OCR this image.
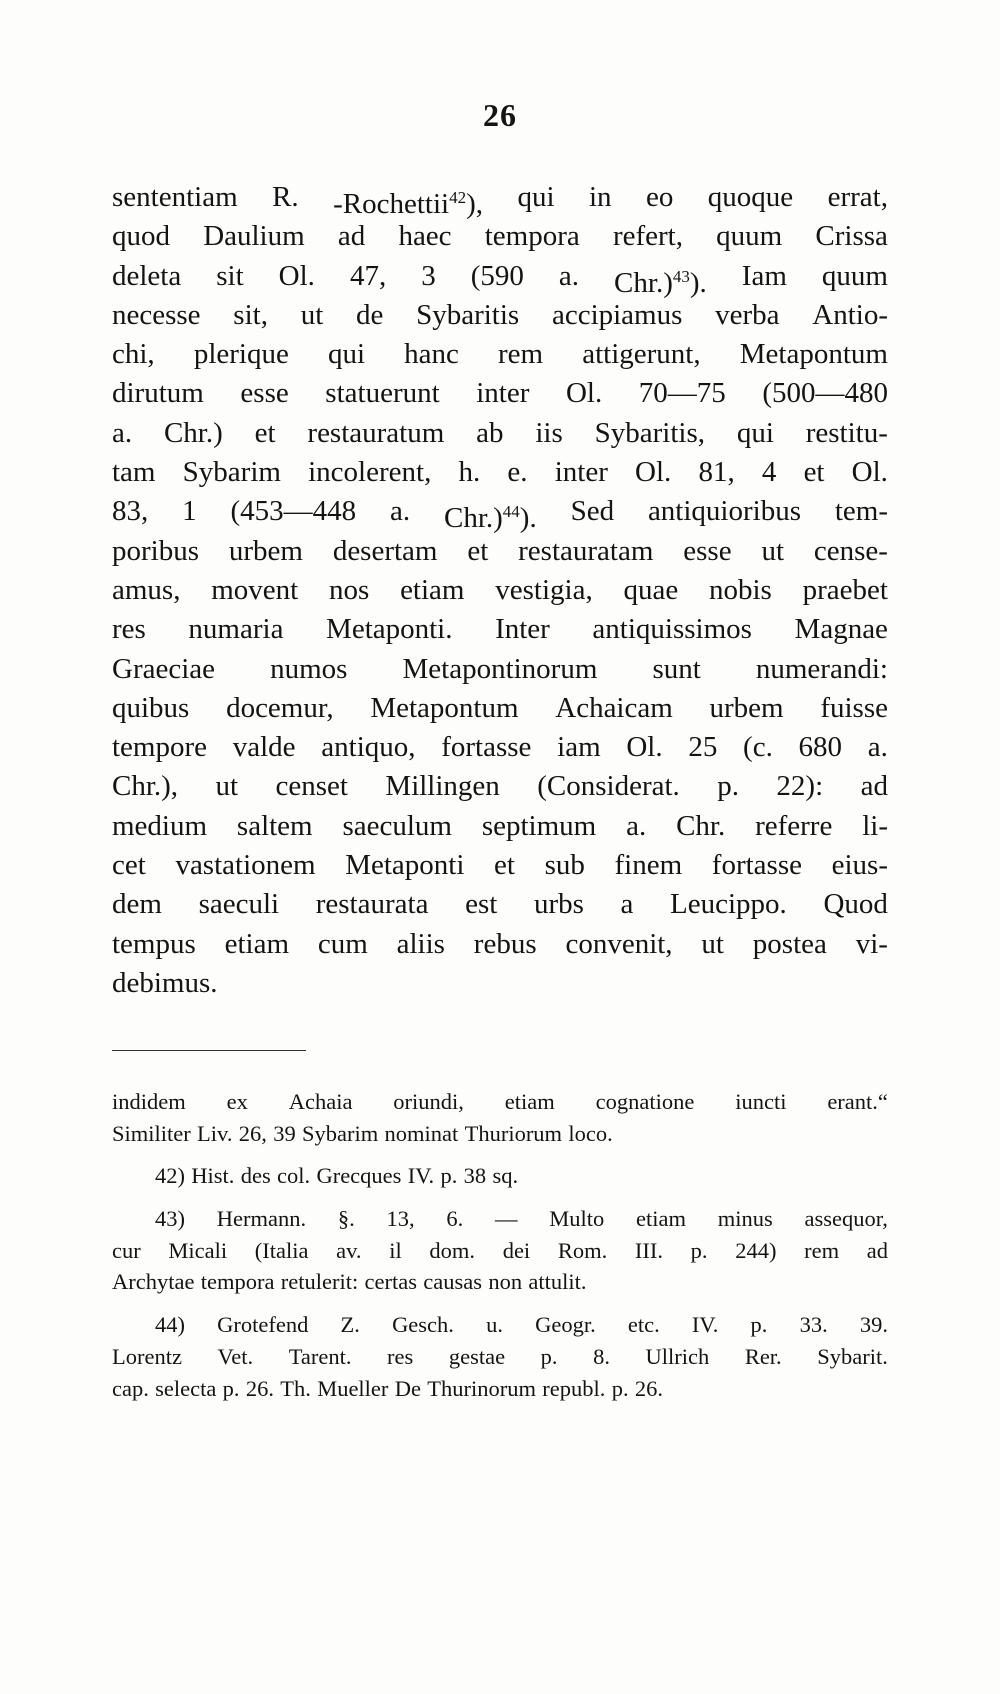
26
sententiam R. -Rochettii$^{42}$), qui in eo quoque errat,
quod Daulium ad haec tempora refert, quum Crissa
deleta sit Ol. 47, 3 (590 a. Chr.)$^{43}$). Iam quum
necesse sit, ut de Sybaritis accipiamus verba Antio-
chi, plerique qui hanc rem attigerunt, Metapontum
dirutum esse statuerunt inter Ol. 70—75 (500—480
a. Chr.) et restauratum ab iis Sybaritis, qui restitu-
tam Sybarim incolerent, h. e. inter Ol. 81, 4 et Ol.
83, 1 (453—448 a. Chr.)$^{44}$). Sed antiquioribus tem-
poribus urbem desertam et restauratam esse ut cense-
amus, movent nos etiam vestigia, quae nobis praebet
res numaria Metaponti. Inter antiquissimos Magnae
Graeciae numos Metapontinorum sunt numerandi:
quibus docemur, Metapontum Achaicam urbem fuisse
tempore valde antiquo, fortasse iam Ol. 25 (c. 680 a.
Chr.), ut censet Millingen (Considerat. p. 22): ad
medium saltem saeculum septimum a. Chr. referre li-
cet vastationem Metaponti et sub finem fortasse eius-
dem saeculi restaurata est urbs a Leucippo. Quod
tempus etiam cum aliis rebus convenit, ut postea vi-
debimus.
indidem ex Achaia oriundi, etiam cognatione iuncti erant.“
Similiter Liv. 26, 39 Sybarim nominat Thuriorum loco.
42) Hist. des col. Grecques IV. p. 38 sq.
43) Hermann. §. 13, 6. — Multo etiam minus assequor,
cur Micali (Italia av. il dom. dei Rom. III. p. 244) rem ad
Archytae tempora retulerit: certas causas non attulit.
44) Grotefend Z. Gesch. u. Geogr. etc. IV. p. 33. 39.
Lorentz Vet. Tarent. res gestae p. 8. Ullrich Rer. Sybarit.
cap. selecta p. 26. Th. Mueller De Thurinorum republ. p. 26.
